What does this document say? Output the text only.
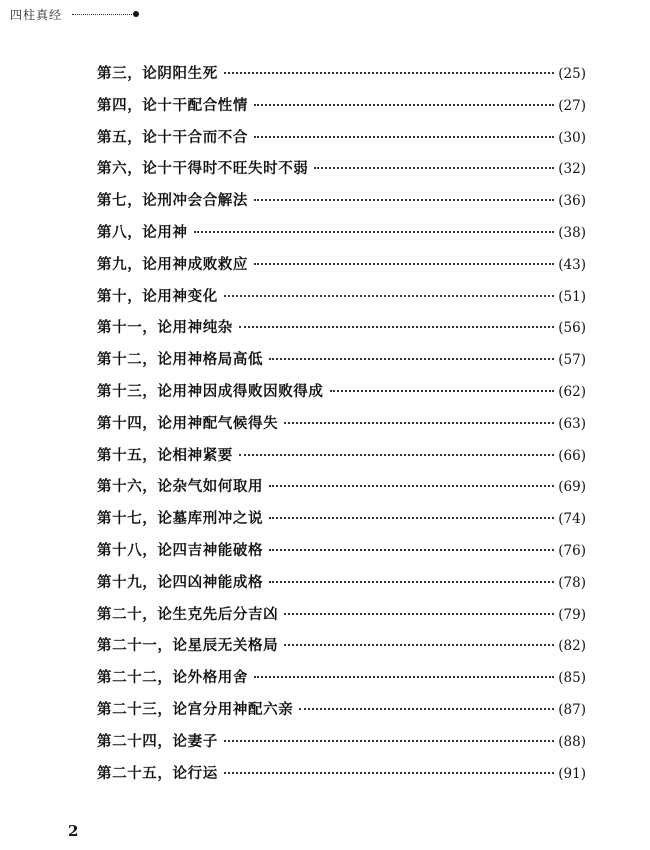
四柱真经
第三，论阴阳生死	(25)
第四，论十干配合性情	(27)
第五，论十干合而不合	(30)
第六，论十干得时不旺失时不弱	(32)
第七，论刑冲会合解法	(36)
第八，论用神	(38)
第九，论用神成败救应	(43)
第十，论用神变化	(51)
第十一，论用神纯杂	(56)
第十二，论用神格局高低	(57)
第十三，论用神因成得败因败得成	(62)
第十四，论用神配气候得失	(63)
第十五，论相神紧要	(66)
第十六，论杂气如何取用	(69)
第十七，论墓库刑冲之说	(74)
第十八，论四吉神能破格	(76)
第十九，论四凶神能成格	(78)
第二十，论生克先后分吉凶	(79)
第二十一，论星辰无关格局	(82)
第二十二，论外格用舍	(85)
第二十三，论宫分用神配六亲	(87)
第二十四，论妻子	(88)
第二十五，论行运	(91)
2
